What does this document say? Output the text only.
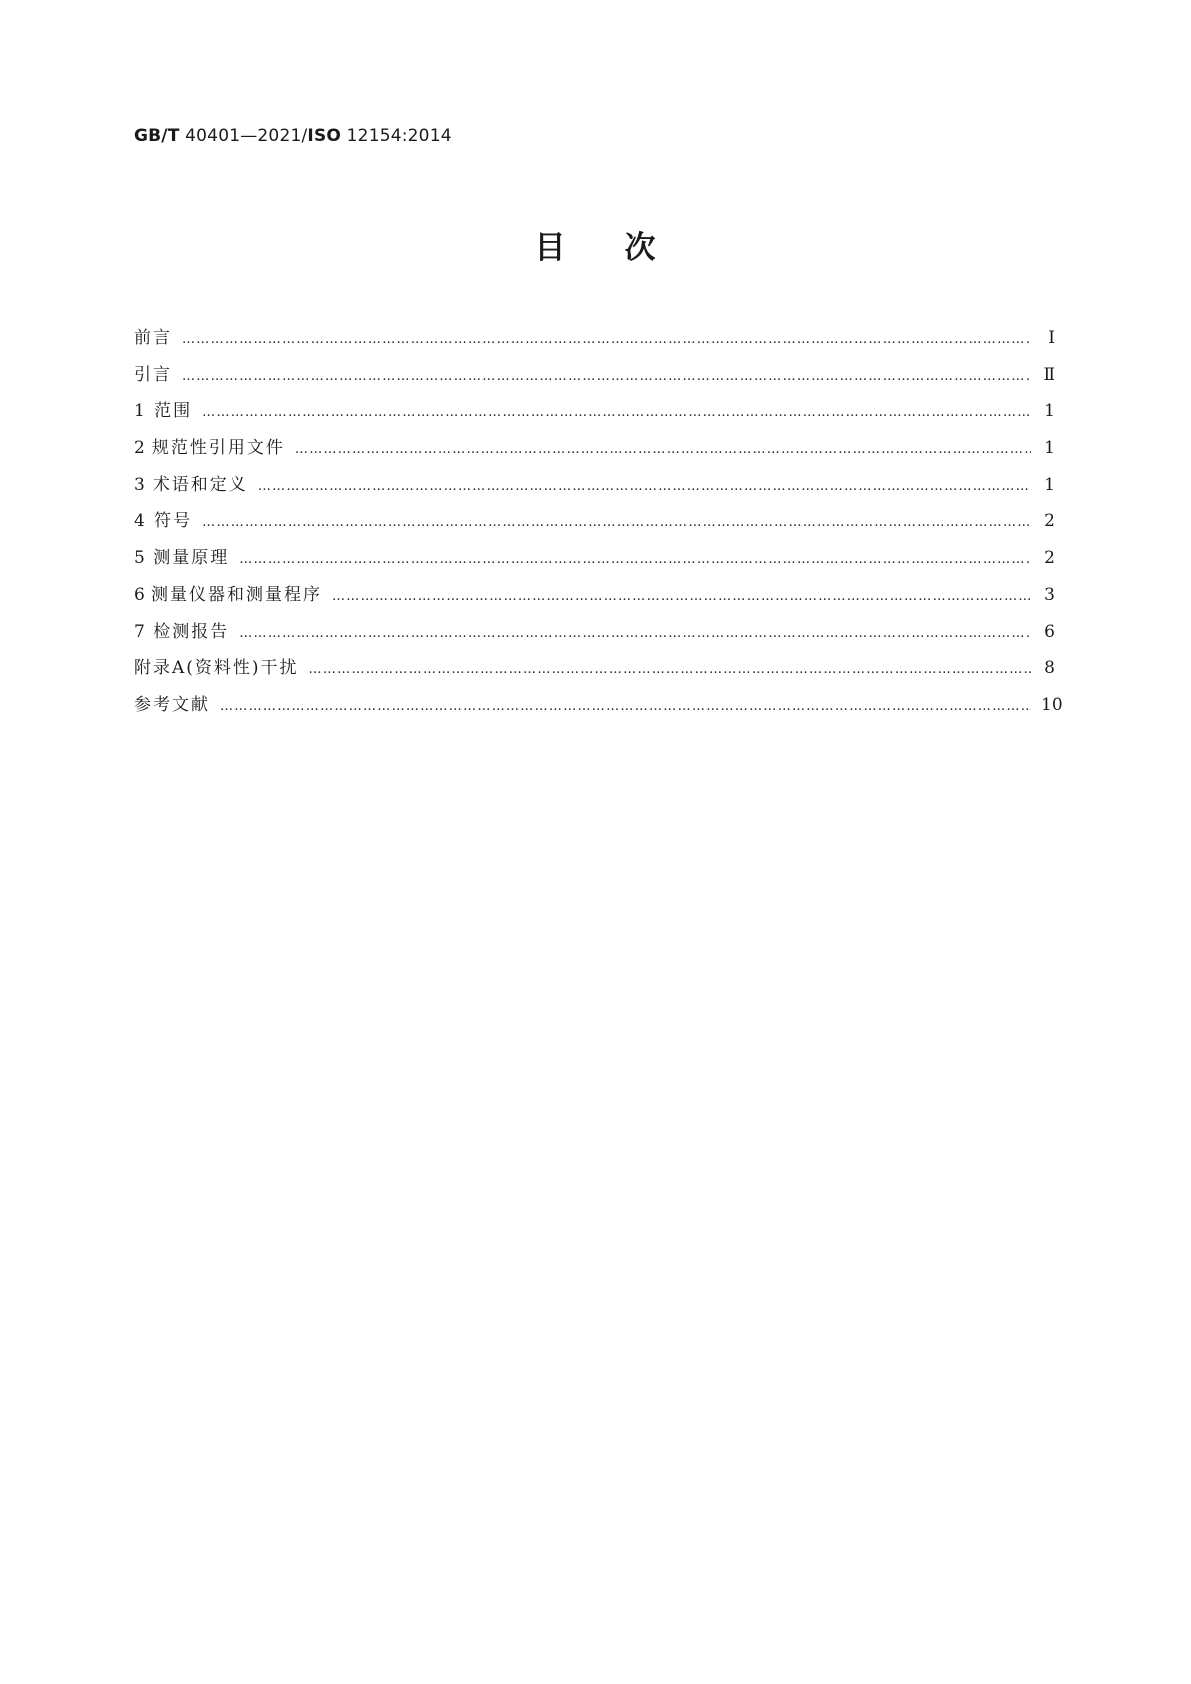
GB/T 40401—2021/ISO 12154:2014
目 次
前言 ……………………………………………………………………………………………………………………………………………………………………………………………………………………………………………………	Ⅰ
引言 ……………………………………………………………………………………………………………………………………………………………………………………………………………………………………………………	Ⅱ
1 范围 ……………………………………………………………………………………………………………………………………………………………………………………………………………………………………………………	1
2 规范性引用文件 ……………………………………………………………………………………………………………………………………………………………………………………………………………………………………………………	1
3 术语和定义 ……………………………………………………………………………………………………………………………………………………………………………………………………………………………………………………	1
4 符号 ……………………………………………………………………………………………………………………………………………………………………………………………………………………………………………………	2
5 测量原理 ……………………………………………………………………………………………………………………………………………………………………………………………………………………………………………………	2
6 测量仪器和测量程序 ……………………………………………………………………………………………………………………………………………………………………………………………………………………………………………………	3
7 检测报告 ……………………………………………………………………………………………………………………………………………………………………………………………………………………………………………………	6
附录A(资料性)干扰 ……………………………………………………………………………………………………………………………………………………………………………………………………………………………………………………	8
参考文献 ……………………………………………………………………………………………………………………………………………………………………………………………………………………………………………………	10
